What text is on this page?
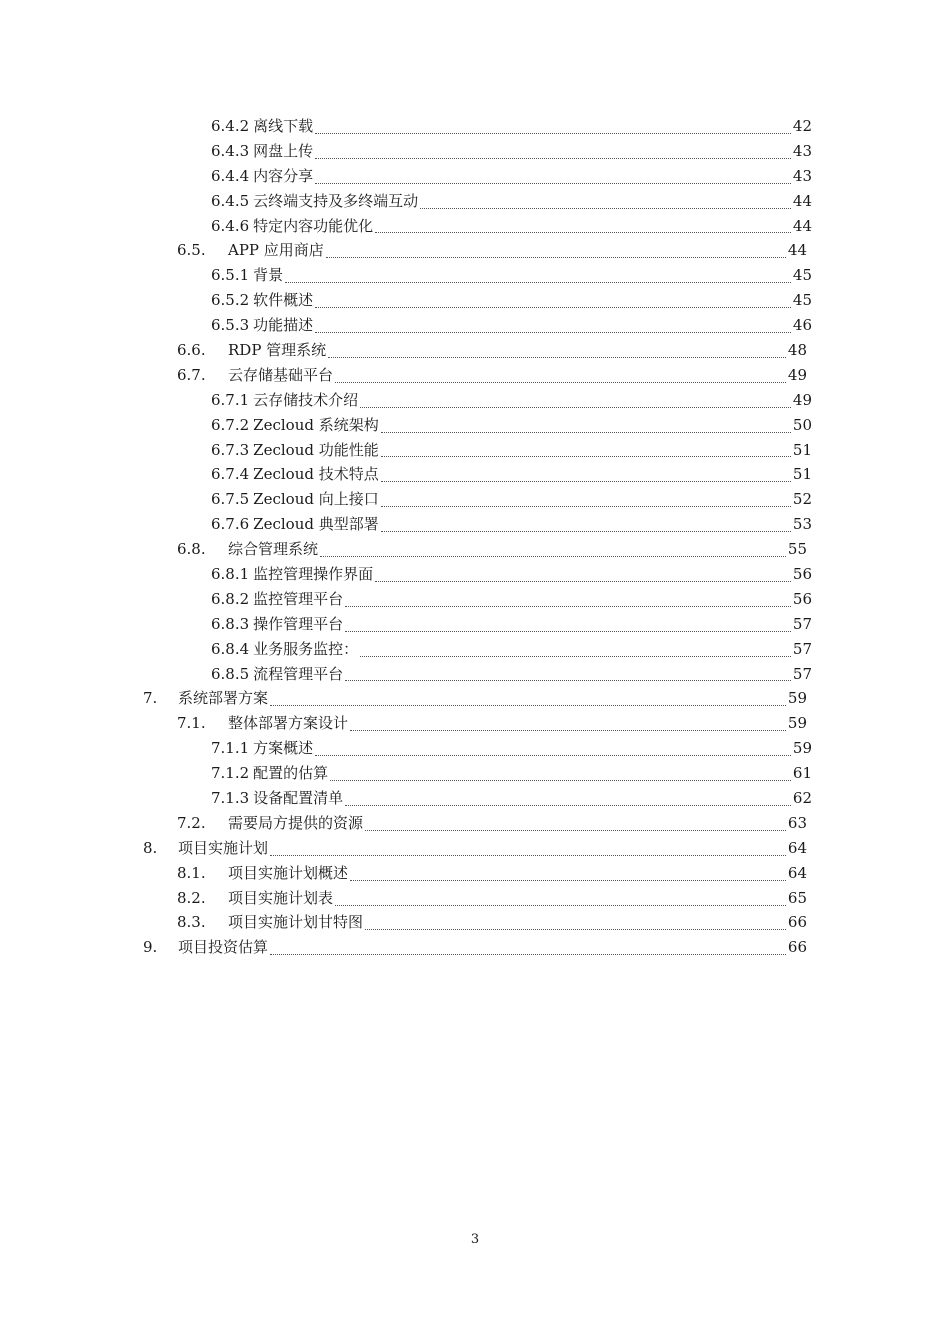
6.4.2 离线下载	42
6.4.3 网盘上传	43
6.4.4 内容分享	43
6.4.5 云终端支持及多终端互动	44
6.4.6 特定内容功能优化	44
6.5.	APP 应用商店	44
6.5.1 背景	45
6.5.2 软件概述	45
6.5.3 功能描述	46
6.6.	RDP 管理系统	48
6.7.	云存储基础平台	49
6.7.1 云存储技术介绍	49
6.7.2 Zecloud 系统架构	50
6.7.3 Zecloud 功能性能	51
6.7.4 Zecloud 技术特点	51
6.7.5 Zecloud 向上接口	52
6.7.6 Zecloud 典型部署	53
6.8.	综合管理系统	55
6.8.1 监控管理操作界面	56
6.8.2 监控管理平台	56
6.8.3 操作管理平台	57
6.8.4 业务服务监控：	57
6.8.5 流程管理平台	57
7.	系统部署方案	59
7.1.	整体部署方案设计	59
7.1.1 方案概述	59
7.1.2 配置的估算	61
7.1.3 设备配置清单	62
7.2.	需要局方提供的资源	63
8.	项目实施计划	64
8.1.	项目实施计划概述	64
8.2.	项目实施计划表	65
8.3.	项目实施计划甘特图	66
9.	项目投资估算	66
3
